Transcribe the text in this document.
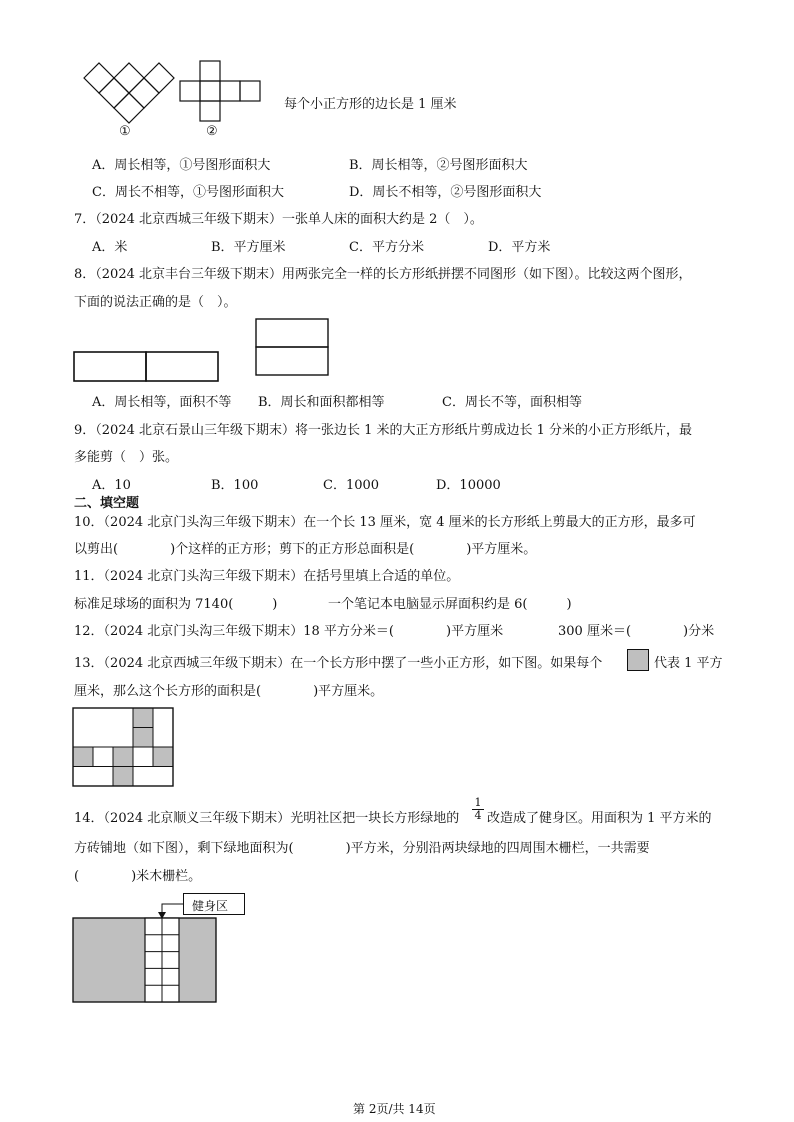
①	②
每个小正方形的边长是 1 厘米
A．周长相等，①号图形面积大	B．周长相等，②号图形面积大
C．周长不相等，①号图形面积大	D．周长不相等，②号图形面积大
7．（2024 北京西城三年级下期末）一张单人床的面积大约是 2（　）。
A．米	B．平方厘米	C．平方分米	D．平方米
8．（2024 北京丰台三年级下期末）用两张完全一样的长方形纸拼摆不同图形（如下图）。比较这两个图形，
下面的说法正确的是（　）。
A．周长相等，面积不等 B．周长和面积都相等	C．周长不等，面积相等
9．（2024 北京石景山三年级下期末）将一张边长 1 米的大正方形纸片剪成边长 1 分米的小正方形纸片，最
多能剪（　）张。
A．10	B．100	C．1000	D．10000
二、填空题
10．（2024 北京门头沟三年级下期末）在一个长 13 厘米，宽 4 厘米的长方形纸上剪最大的正方形，最多可
以剪出(　　　　)个这样的正方形；剪下的正方形总面积是(　　　　)平方厘米。
11．（2024 北京门头沟三年级下期末）在括号里填上合适的单位。
标准足球场的面积为 7140(　　　)	一个笔记本电脑显示屏面积约是 6(　　　)
12．（2024 北京门头沟三年级下期末）18 平方分米＝(　　　　)平方厘米	300 厘米＝(　　　　)分米
13．（2024 北京西城三年级下期末）在一个长方形中摆了一些小正方形，如下图。如果每个	代表 1 平方
厘米，那么这个长方形的面积是(　　　　)平方厘米。
14．（2024 北京顺义三年级下期末）光明社区把一块长方形绿地的 $\frac{1}{4}$ 改造成了健身区。用面积为 1 平方米的
方砖铺地（如下图），剩下绿地面积为(　　　　)平方米，分别沿两块绿地的四周围木栅栏，一共需要
(　　　　)米木栅栏。
健身区
第 2页/共 14页
